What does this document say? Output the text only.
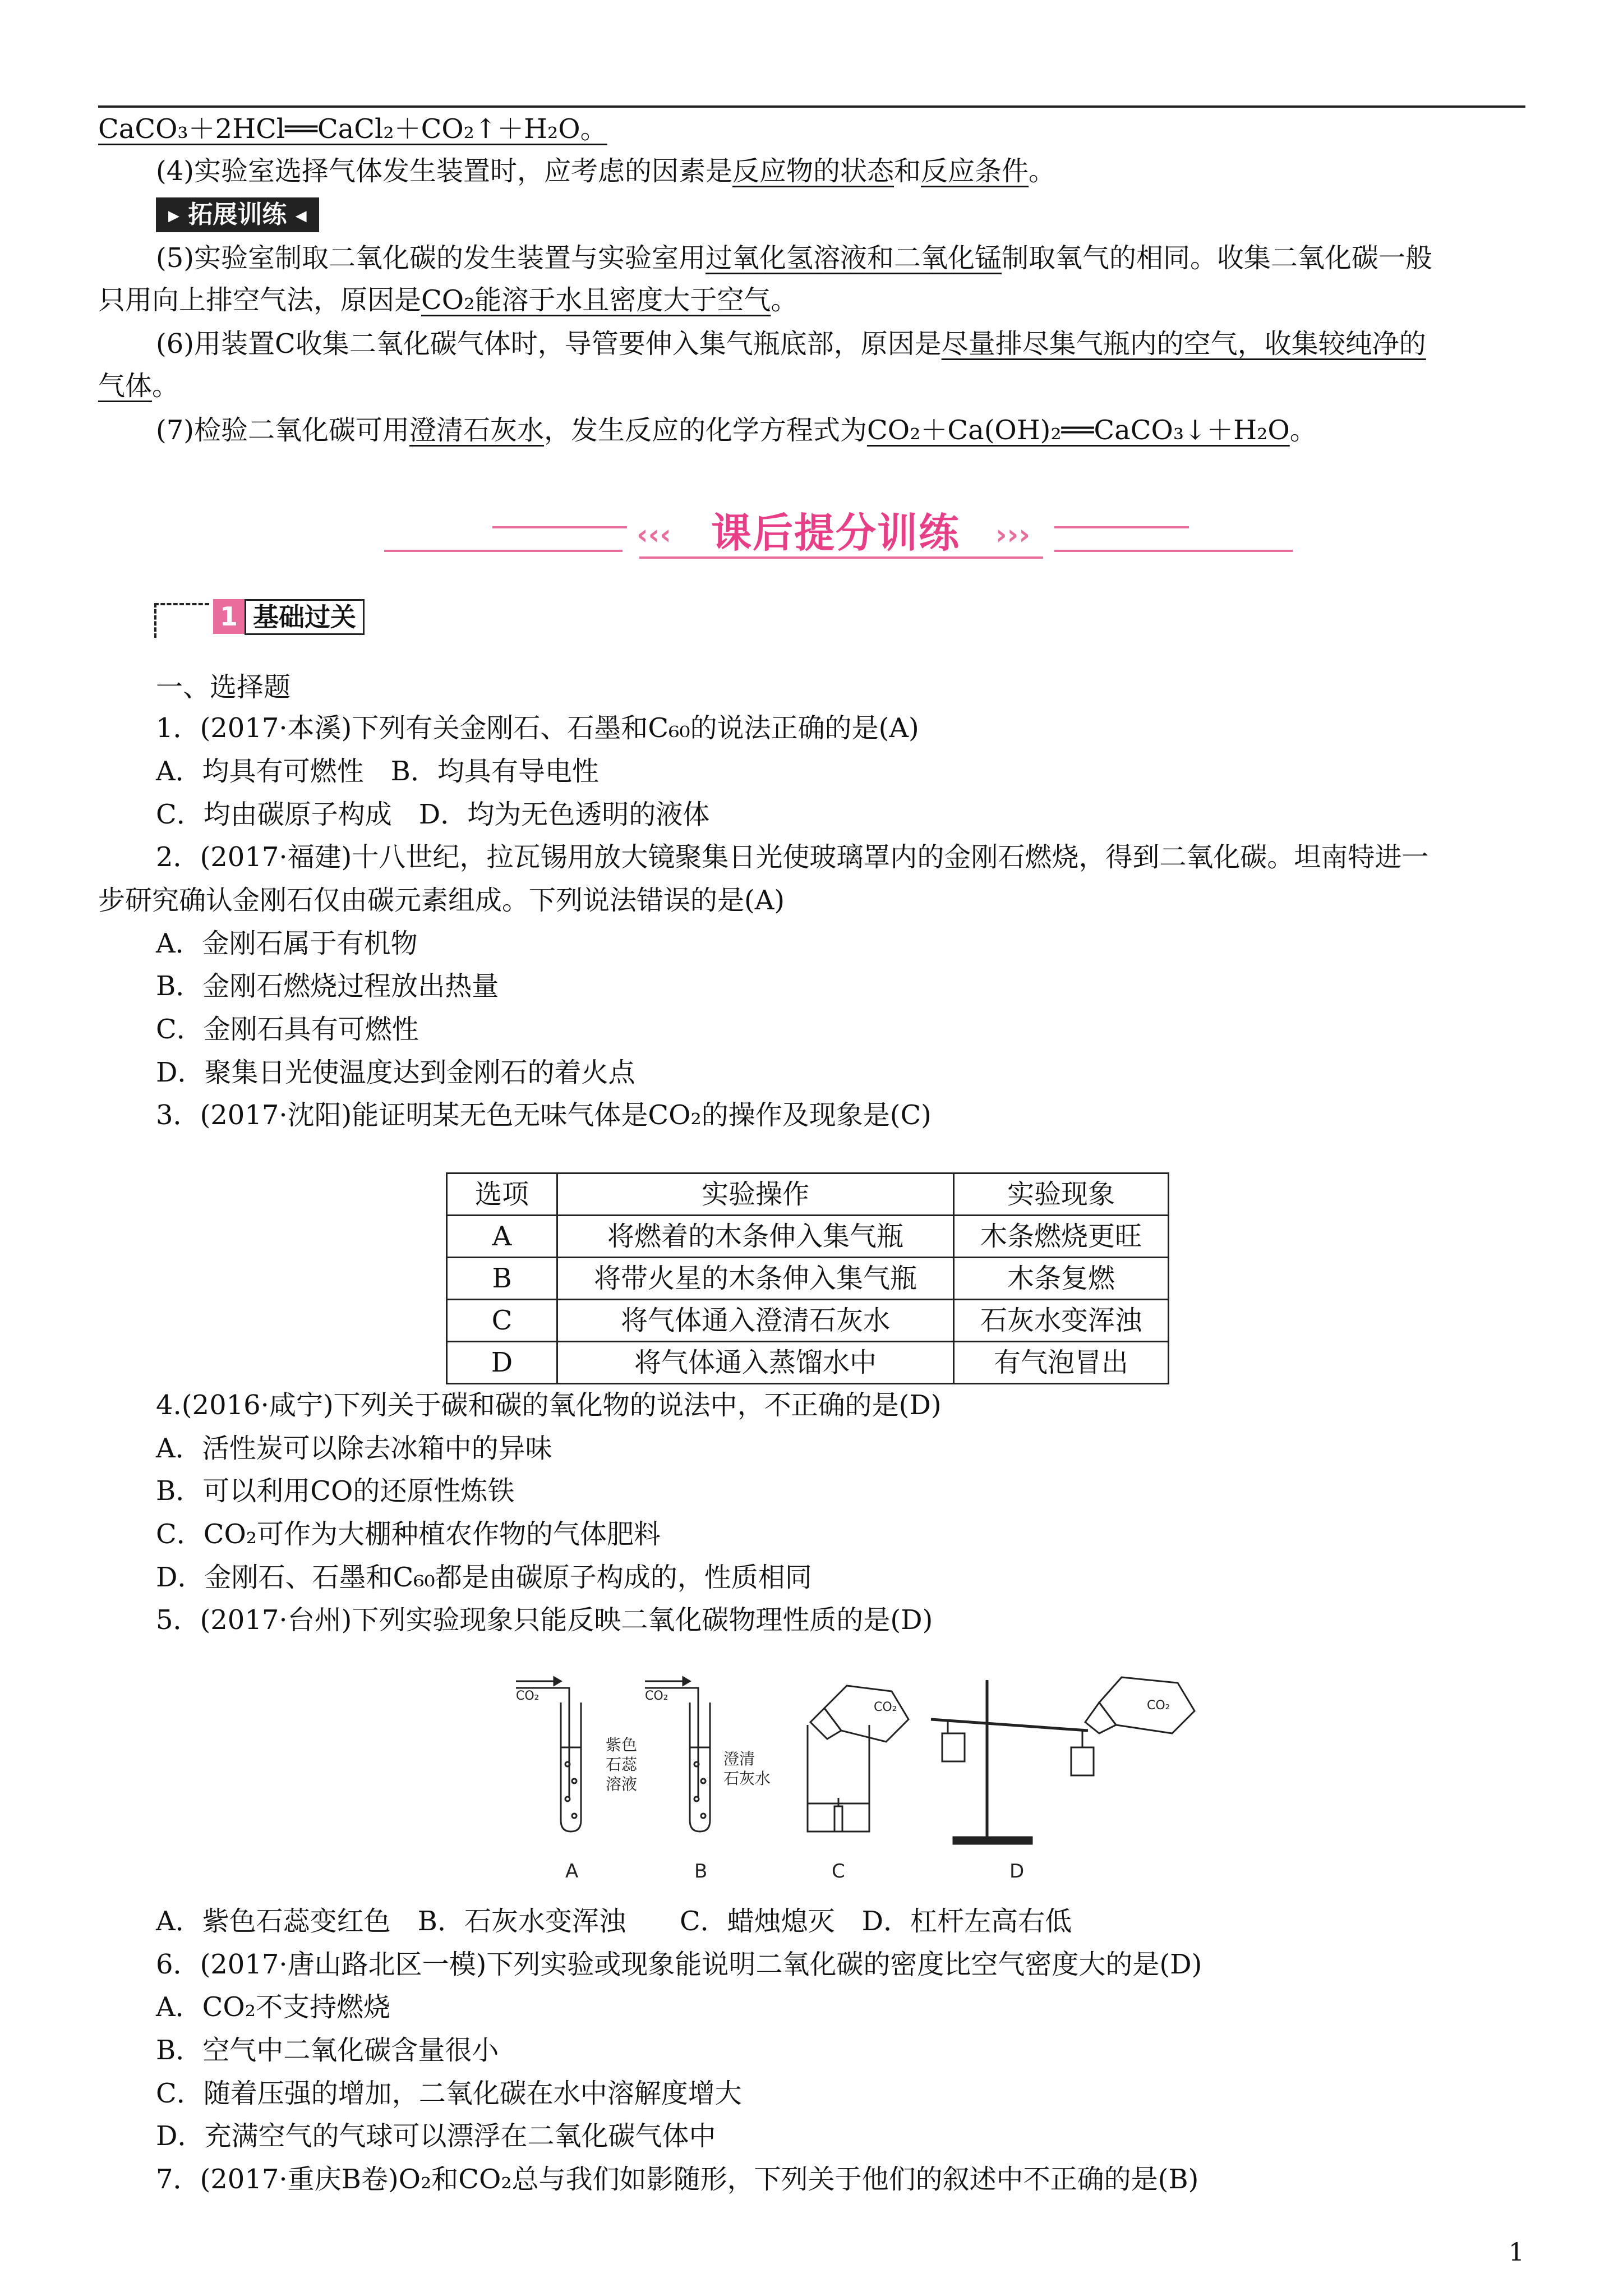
CaCO₃＋2HCl══CaCl₂＋CO₂↑＋H₂O。
(4)实验室选择气体发生装置时，应考虑的因素是反应物的状态和反应条件。
▶ 拓展训练 ◀
(5)实验室制取二氧化碳的发生装置与实验室用过氧化氢溶液和二氧化锰制取氧气的相同。收集二氧化碳一般
只用向上排空气法，原因是CO₂能溶于水且密度大于空气。
(6)用装置C收集二氧化碳气体时，导管要伸入集气瓶底部，原因是尽量排尽集气瓶内的空气，收集较纯净的
气体。
(7)检验二氧化碳可用澄清石灰水，发生反应的化学方程式为CO₂＋Ca(OH)₂══CaCO₃↓＋H₂O。
‹‹‹	›››
课后提分训练
1 基础过关
一、选择题
1．(2017·本溪)下列有关金刚石、石墨和C₆₀的说法正确的是(A)
A．均具有可燃性　B．均具有导电性
C．均由碳原子构成　D．均为无色透明的液体
2．(2017·福建)十八世纪，拉瓦锡用放大镜聚集日光使玻璃罩内的金刚石燃烧，得到二氧化碳。坦南特进一
步研究确认金刚石仅由碳元素组成。下列说法错误的是(A)
A．金刚石属于有机物
B．金刚石燃烧过程放出热量
C．金刚石具有可燃性
D．聚集日光使温度达到金刚石的着火点
3．(2017·沈阳)能证明某无色无味气体是CO₂的操作及现象是(C)
选项	实验操作	实验现象
A	将燃着的木条伸入集气瓶	木条燃烧更旺
B	将带火星的木条伸入集气瓶	木条复燃
C	将气体通入澄清石灰水	石灰水变浑浊
D	将气体通入蒸馏水中	有气泡冒出
4.(2016·咸宁)下列关于碳和碳的氧化物的说法中，不正确的是(D)
A．活性炭可以除去冰箱中的异味
B．可以利用CO的还原性炼铁
C．CO₂可作为大棚种植农作物的气体肥料
D．金刚石、石墨和C₆₀都是由碳原子构成的，性质相同
5．(2017·台州)下列实验现象只能反映二氧化碳物理性质的是(D)
CO₂	CO₂
CO₂	CO₂
紫色
石蕊
溶液
澄清
石灰水
A	B	C	D
A．紫色石蕊变红色　B．石灰水变浑浊　　C．蜡烛熄灭　D．杠杆左高右低
6．(2017·唐山路北区一模)下列实验或现象能说明二氧化碳的密度比空气密度大的是(D)
A．CO₂不支持燃烧
B．空气中二氧化碳含量很小
C．随着压强的增加，二氧化碳在水中溶解度增大
D．充满空气的气球可以漂浮在二氧化碳气体中
7．(2017·重庆B卷)O₂和CO₂总与我们如影随形，下列关于他们的叙述中不正确的是(B)
1
